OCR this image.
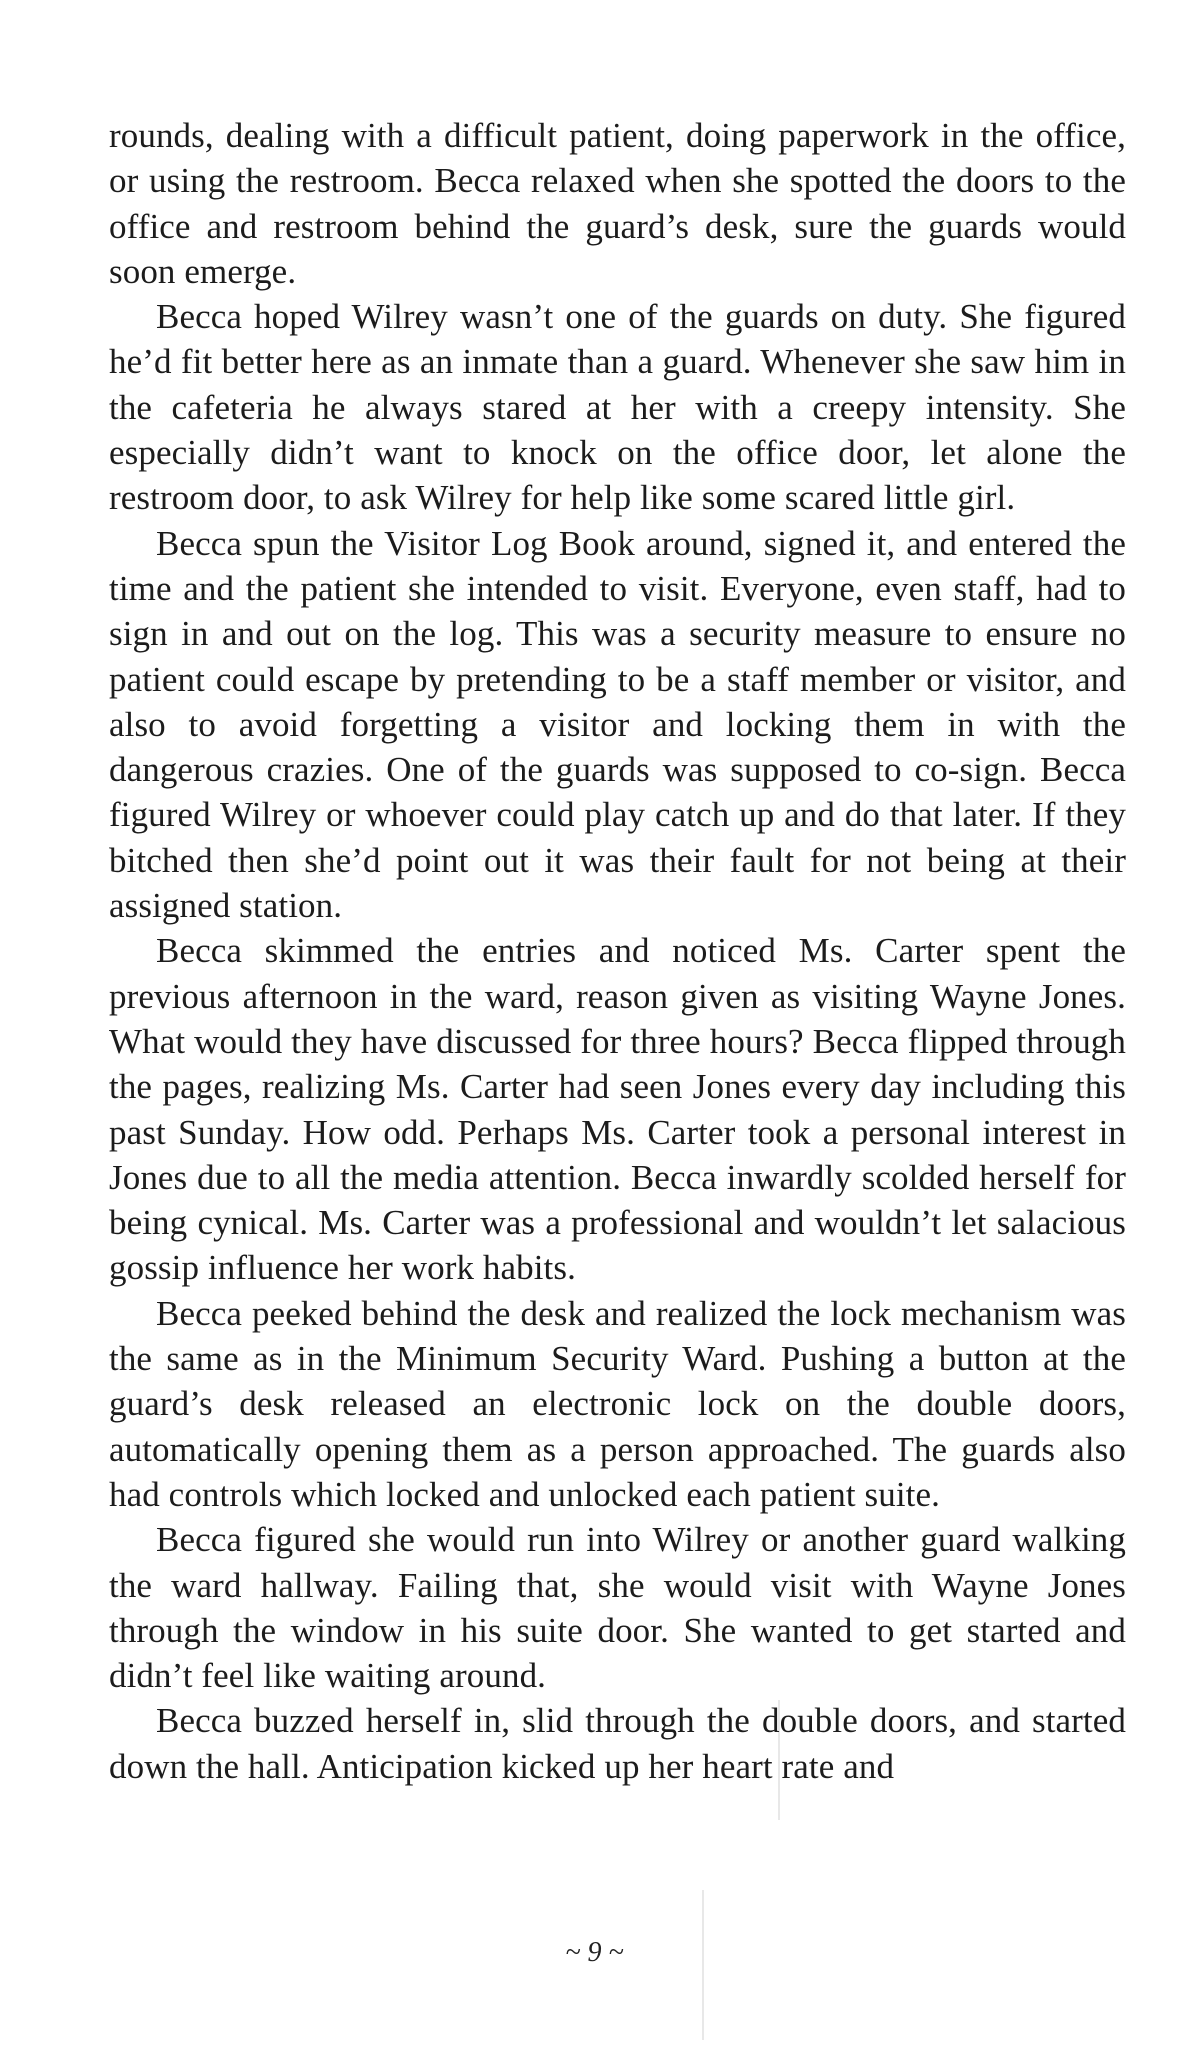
rounds, dealing with a difficult patient, doing paperwork in the office, or using the restroom. Becca relaxed when she spotted the doors to the office and restroom behind the guard’s desk, sure the guards would soon emerge.

Becca hoped Wilrey wasn’t one of the guards on duty. She figured he’d fit better here as an inmate than a guard. Whenever she saw him in the cafeteria he always stared at her with a creepy intensity. She especially didn’t want to knock on the office door, let alone the restroom door, to ask Wilrey for help like some scared little girl.

Becca spun the Visitor Log Book around, signed it, and entered the time and the patient she intended to visit. Everyone, even staff, had to sign in and out on the log. This was a security measure to ensure no patient could escape by pretending to be a staff member or visitor, and also to avoid forgetting a visitor and locking them in with the dangerous crazies. One of the guards was supposed to co-sign. Becca figured Wilrey or whoever could play catch up and do that later. If they bitched then she’d point out it was their fault for not being at their assigned station.

Becca skimmed the entries and noticed Ms. Carter spent the previous afternoon in the ward, reason given as visiting Wayne Jones. What would they have discussed for three hours? Becca flipped through the pages, realizing Ms. Carter had seen Jones every day including this past Sunday. How odd. Perhaps Ms. Carter took a personal interest in Jones due to all the media attention. Becca inwardly scolded herself for being cynical. Ms. Carter was a professional and wouldn’t let salacious gossip influence her work habits.

Becca peeked behind the desk and realized the lock mechanism was the same as in the Minimum Security Ward. Pushing a button at the guard’s desk released an electronic lock on the double doors, automatically opening them as a person approached. The guards also had controls which locked and unlocked each patient suite.

Becca figured she would run into Wilrey or another guard walking the ward hallway. Failing that, she would visit with Wayne Jones through the window in his suite door. She wanted to get started and didn’t feel like waiting around.

Becca buzzed herself in, slid through the double doors, and started down the hall. Anticipation kicked up her heart rate and

~ 9 ~
